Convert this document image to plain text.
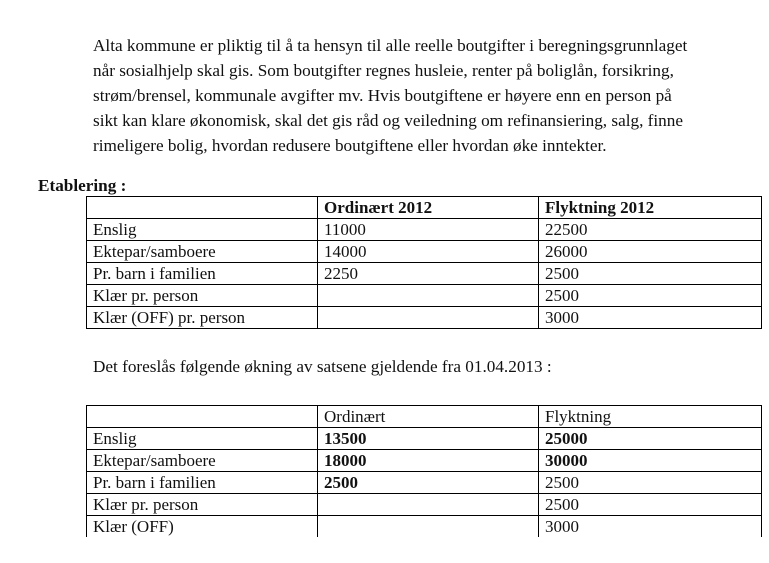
Alta kommune er pliktig til å ta hensyn til alle reelle boutgifter i beregningsgrunnlaget
når sosialhjelp skal gis. Som boutgifter regnes husleie, renter på boliglån, forsikring,
strøm/brensel, kommunale avgifter mv. Hvis boutgiftene er høyere enn en person på
sikt kan klare økonomisk, skal det gis råd og veiledning om refinansiering, salg, finne
rimeligere bolig, hvordan redusere boutgiftene eller hvordan øke inntekter.
Etablering :
	Ordinært 2012	Flyktning 2012
Enslig	11000	22500
Ektepar/samboere	14000	26000
Pr. barn i familien	2250	2500
Klær pr. person		2500
Klær (OFF) pr. person		3000
Det foreslås følgende økning av satsene gjeldende fra 01.04.2013 :
	Ordinært	Flyktning
Enslig	13500	25000
Ektepar/samboere	18000	30000
Pr. barn i familien	2500	2500
Klær pr. person		2500
Klær (OFF)		3000
